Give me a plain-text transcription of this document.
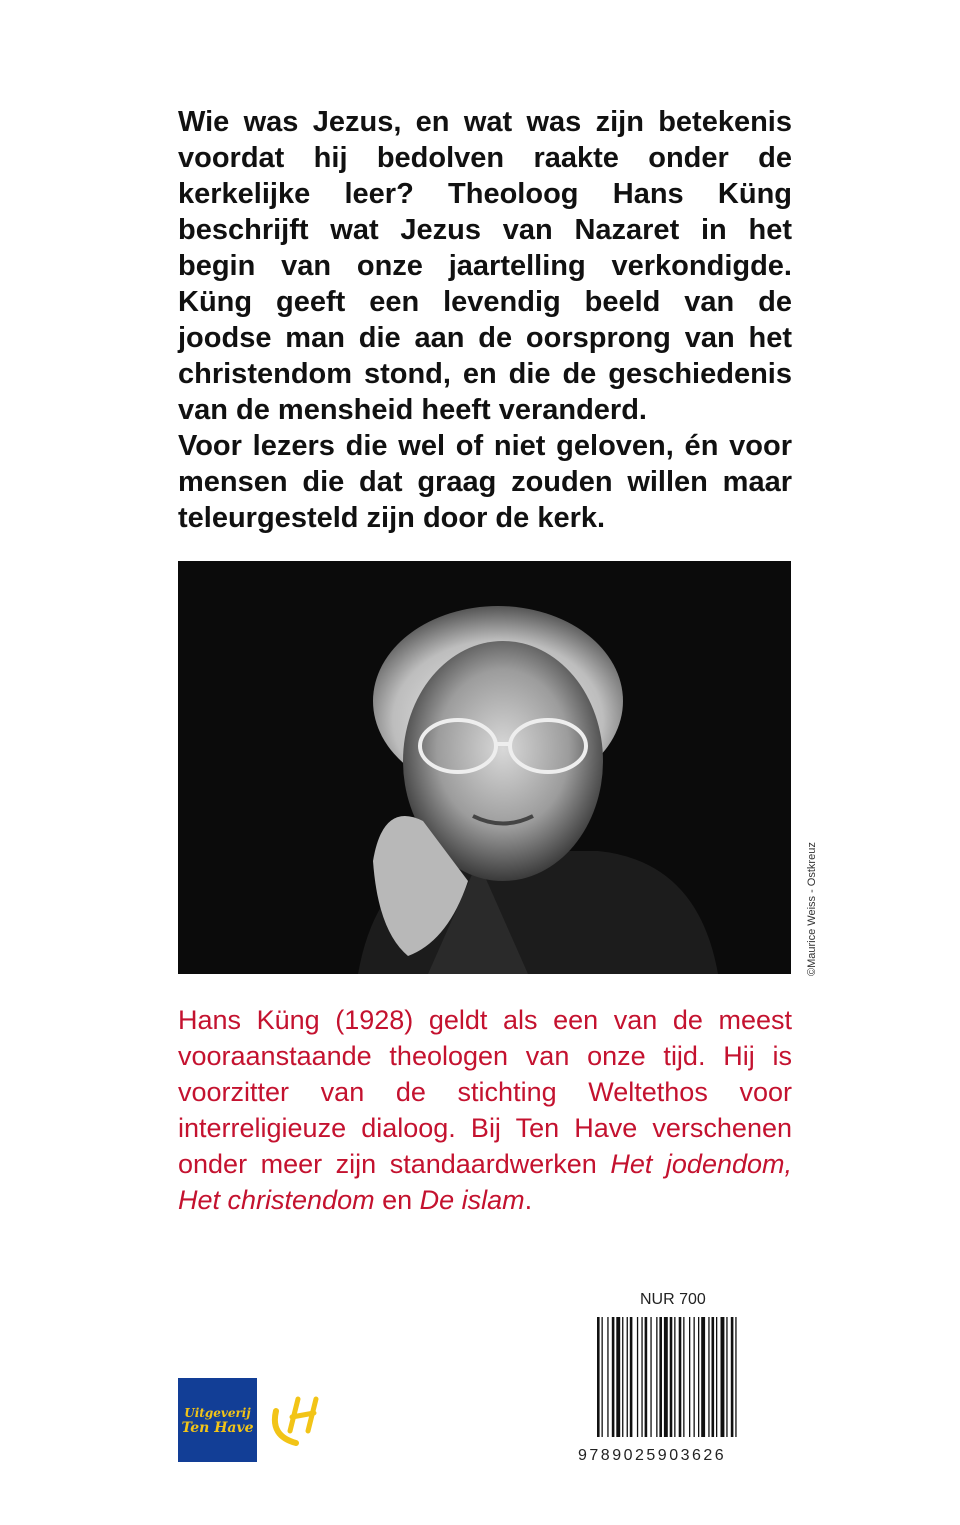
Wie was Jezus, en wat was zijn betekenis voordat hij bedolven raakte onder de kerkelijke leer? Theoloog Hans Küng beschrijft wat Jezus van Nazaret in het begin van onze jaartelling verkondigde. Küng geeft een levendig beeld van de joodse man die aan de oorsprong van het christendom stond, en die de geschiedenis van de mensheid heeft veranderd.

Voor lezers die wel of niet geloven, én voor mensen die dat graag zouden willen maar teleurgesteld zijn door de kerk.

©Maurice Weiss - Ostkreuz

Hans Küng (1928) geldt als een van de meest vooraanstaande theologen van onze tijd. Hij is voorzitter van de stichting Weltethos voor interreligieuze dialoog. Bij Ten Have verschenen onder meer zijn standaardwerken Het jodendom, Het christendom en De islam.

Uitgeverij
Ten Have
NUR 700
9789025903626
